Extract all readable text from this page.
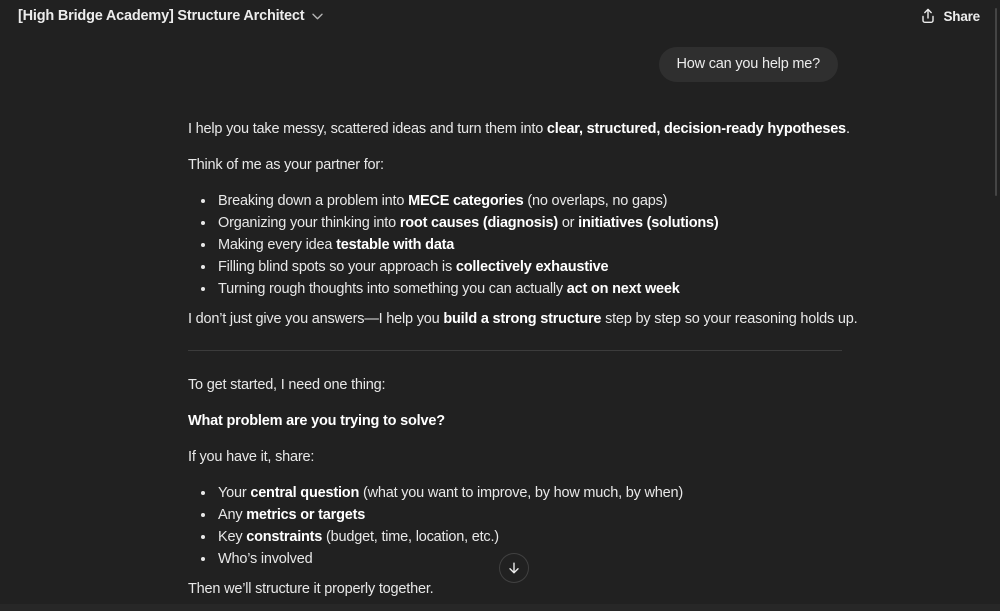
[High Bridge Academy] Structure Architect	Share
How can you help me?

I help you take messy, scattered ideas and turn them into clear, structured, decision-ready hypotheses.

Think of me as your partner for:

Breaking down a problem into MECE categories (no overlaps, no gaps)
Organizing your thinking into root causes (diagnosis) or initiatives (solutions)
Making every idea testable with data
Filling blind spots so your approach is collectively exhaustive
Turning rough thoughts into something you can actually act on next week

I don’t just give you answers—I help you build a strong structure step by step so your reasoning holds up.

To get started, I need one thing:

What problem are you trying to solve?

If you have it, share:

Your central question (what you want to improve, by how much, by when)
Any metrics or targets
Key constraints (budget, time, location, etc.)
Who’s involved

Then we’ll structure it properly together.
